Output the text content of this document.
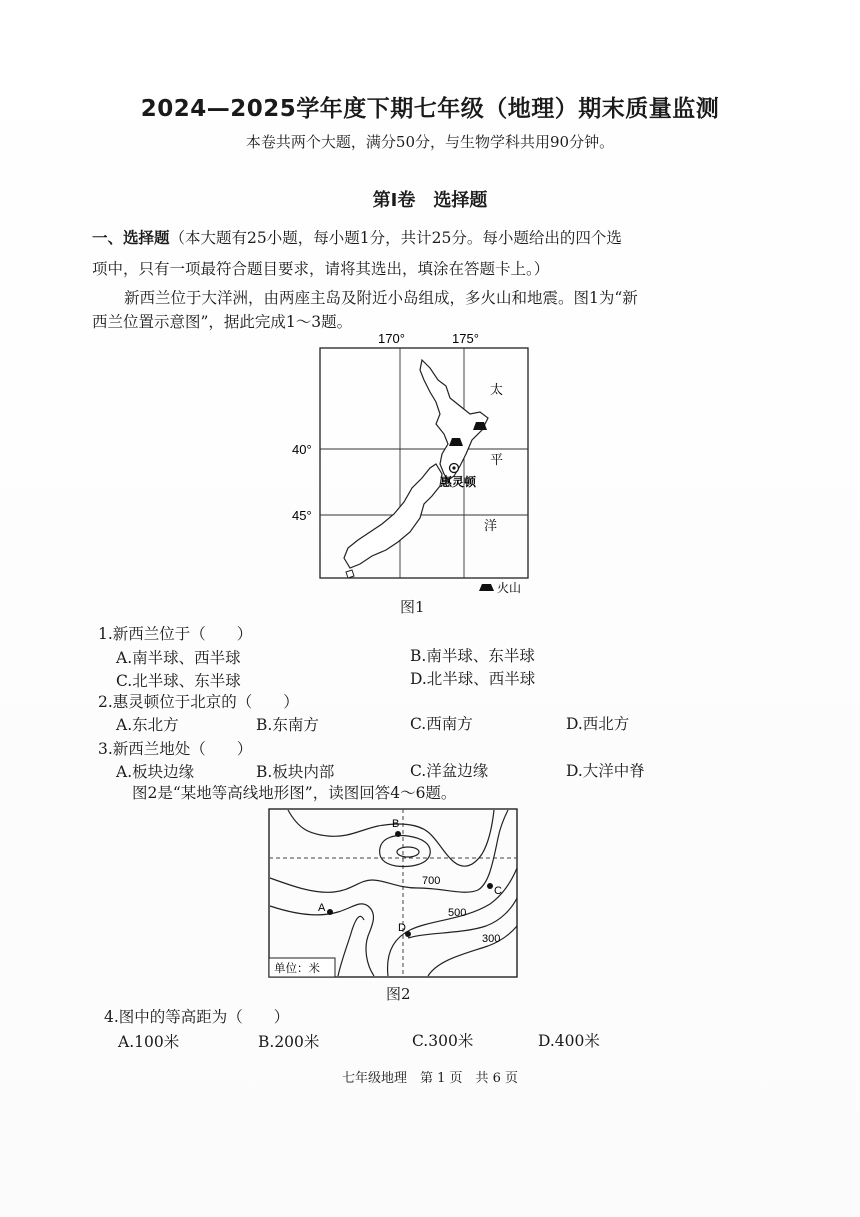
2024—2025学年度下期七年级（地理）期末质量监测
本卷共两个大题，满分50分，与生物学科共用90分钟。
第Ⅰ卷　选择题
一、选择题（本大题有25小题，每小题1分，共计25分。每小题给出的四个选
项中，只有一项最符合题目要求，请将其选出，填涂在答题卡上。）
新西兰位于大洋洲，由两座主岛及附近小岛组成，多火山和地震。图1为“新
西兰位置示意图”，据此完成1～3题。
170°	175°
40°
45°
惠灵顿
太
平
洋
火山
图1
1.新西兰位于（　　）
A.南半球、西半球	B.南半球、东半球
C.北半球、东半球	D.北半球、西半球
2.惠灵顿位于北京的（　　）
A.东北方	B.东南方	C.西南方	D.西北方
3.新西兰地处（　　）
A.板块边缘	B.板块内部	C.洋盆边缘	D.大洋中脊
图2是“某地等高线地形图”，读图回答4～6题。
B
A
C
D
700
500
300
单位：米
图2
4.图中的等高距为（　　）
A.100米	B.200米	C.300米	D.400米
七年级地理　第 1 页　共 6 页
